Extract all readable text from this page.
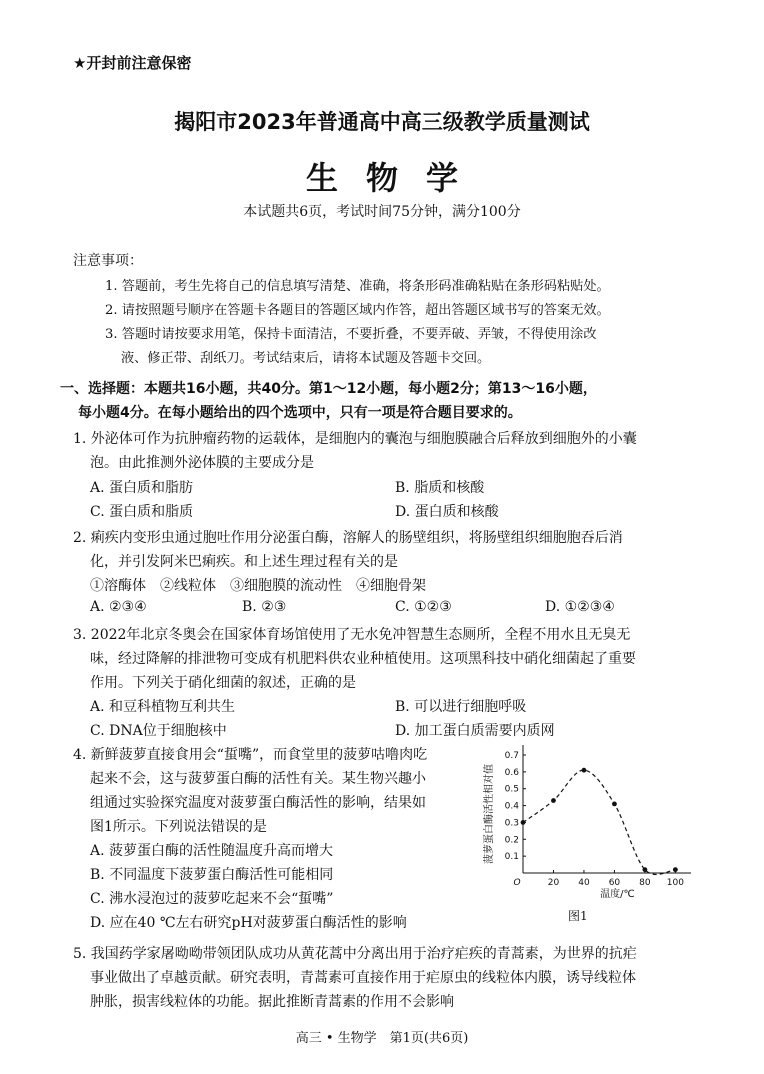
★开封前注意保密
揭阳市2023年普通高中高三级教学质量测试
生物学
本试题共6页，考试时间75分钟，满分100分
注意事项：
1. 答题前，考生先将自己的信息填写清楚、准确，将条形码准确粘贴在条形码粘贴处。
2. 请按照题号顺序在答题卡各题目的答题区域内作答，超出答题区域书写的答案无效。
3. 答题时请按要求用笔，保持卡面清洁，不要折叠，不要弄破、弄皱，不得使用涂改
液、修正带、刮纸刀。考试结束后，请将本试题及答题卡交回。
一、选择题：本题共16小题，共40分。第1～12小题，每小题2分；第13～16小题，
每小题4分。在每小题给出的四个选项中，只有一项是符合题目要求的。
1. 外泌体可作为抗肿瘤药物的运载体，是细胞内的囊泡与细胞膜融合后释放到细胞外的小囊
泡。由此推测外泌体膜的主要成分是
A. 蛋白质和脂肪	B. 脂质和核酸
C. 蛋白质和脂质	D. 蛋白质和核酸
2. 痢疾内变形虫通过胞吐作用分泌蛋白酶，溶解人的肠壁组织，将肠壁组织细胞胞吞后消
化，并引发阿米巴痢疾。和上述生理过程有关的是
①溶酶体　②线粒体　③细胞膜的流动性　④细胞骨架
A. ②③④	B. ②③	C. ①②③	D. ①②③④
3. 2022年北京冬奥会在国家体育场馆使用了无水免冲智慧生态厕所，全程不用水且无臭无
味，经过降解的排泄物可变成有机肥料供农业种植使用。这项黑科技中硝化细菌起了重要
作用。下列关于硝化细菌的叙述，正确的是
A. 和豆科植物互利共生	B. 可以进行细胞呼吸
C. DNA位于细胞核中	D. 加工蛋白质需要内质网
4. 新鲜菠萝直接食用会“蜇嘴”，而食堂里的菠萝咕噜肉吃
起来不会，这与菠萝蛋白酶的活性有关。某生物兴趣小
组通过实验探究温度对菠萝蛋白酶活性的影响，结果如
图1所示。下列说法错误的是
A. 菠萝蛋白酶的活性随温度升高而增大
B. 不同温度下菠萝蛋白酶活性可能相同
C. 沸水浸泡过的菠萝吃起来不会“蜇嘴”
D. 应在40 ℃左右研究pH对菠萝蛋白酶活性的影响
0.1
0.2
0.3
0.4
0.5
0.6
0.7
O	20 40 60 80 100
菠萝蛋白酶活性相对值
温度/℃
图1
5. 我国药学家屠呦呦带领团队成功从黄花蒿中分离出用于治疗疟疾的青蒿素，为世界的抗疟
事业做出了卓越贡献。研究表明，青蒿素可直接作用于疟原虫的线粒体内膜，诱导线粒体
肿胀，损害线粒体的功能。据此推断青蒿素的作用不会影响
高三 • 生物学　第1页(共6页)
